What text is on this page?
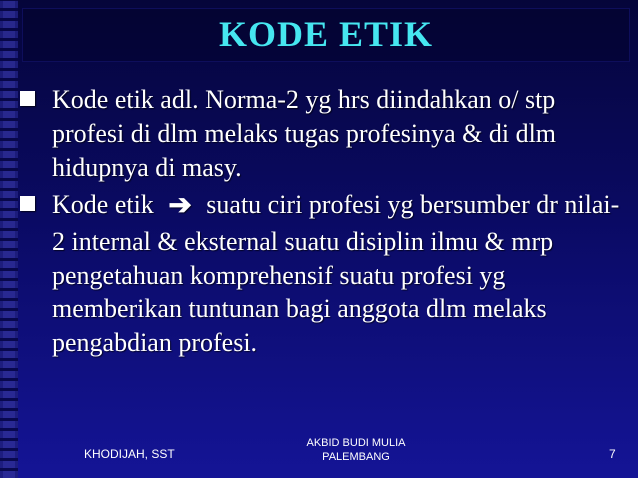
KODE ETIK
Kode etik adl. Norma-2 yg hrs diindahkan o/ stp profesi di dlm melaks tugas profesinya & di dlm hidupnya di masy.
Kode etik ➔ suatu ciri profesi yg bersumber dr nilai-2 internal & eksternal suatu disiplin ilmu & mrp pengetahuan komprehensif suatu profesi yg memberikan tuntunan bagi anggota dlm melaks pengabdian profesi.
KHODIJAH, SST
AKBID BUDI MULIA
PALEMBANG	7
